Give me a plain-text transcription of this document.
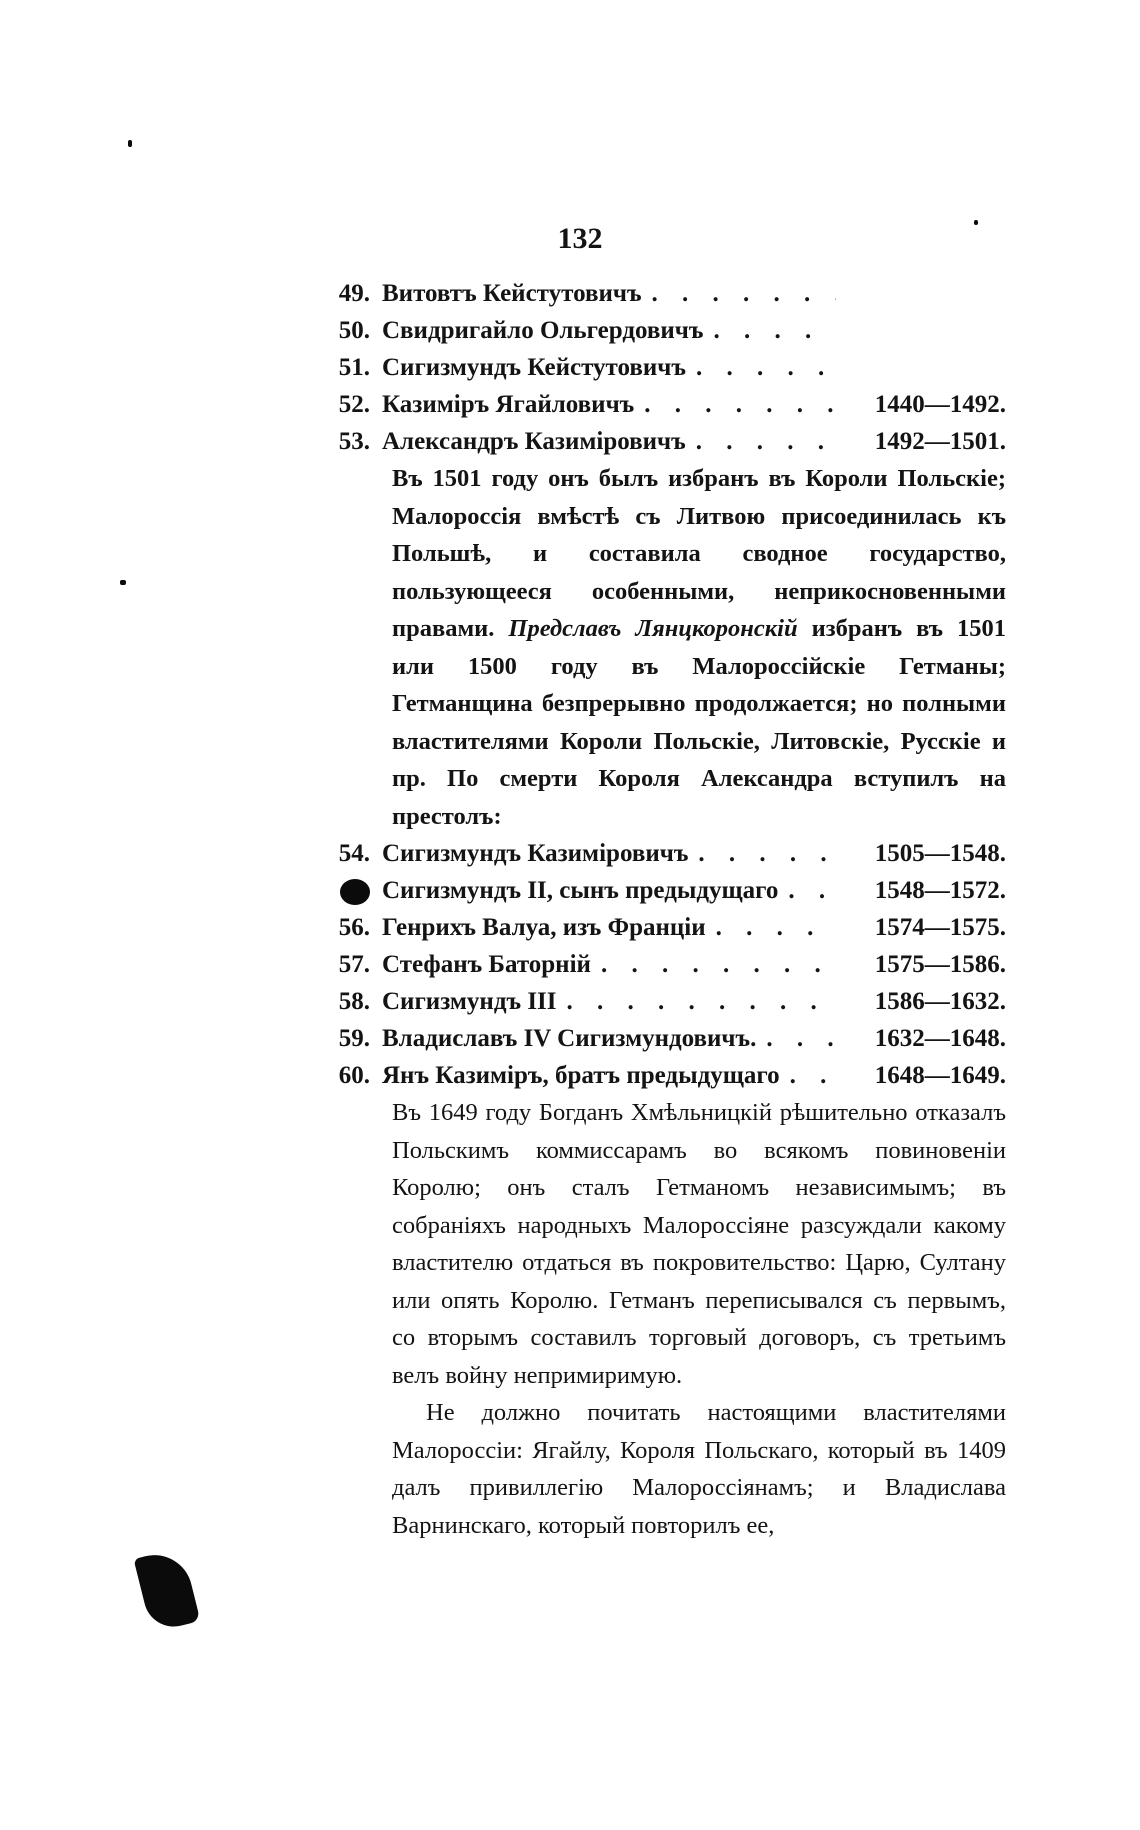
132
49. Витовтъ Кейстутовичъ
. . .
50. Свидригайло Ольгердовичъ
. . .
51. Сигизмундъ Кейстутовичъ
. . .
52. Казиміръ Ягайловичъ . . .	1440—1492.
53. Александръ Казиміровичъ . . .	1492—1501.

Въ 1501 году онъ былъ избранъ въ Короли Польскіе; Малороссія вмѣстѣ съ Литвою присоединилась къ Польшѣ, и составила сводное государство, пользующееся особенными, неприкосновенными правами. Предславъ Лянцкоронскій избранъ въ 1501 или 1500 году въ Малороссійскіе Гетманы; Гетманщина безпрерывно продолжается; но полными властителями Короли Польскіе, Литовскіе, Русскіе и пр. По смерти Короля Александра вступилъ на престолъ:

54. Сигизмундъ Казиміровичъ . . .	1505—1548.
Сигизмундъ II, сынъ предыдущаго . . .	1548—1572.
56. Генрихъ Валуа, изъ Франціи . . .	1574—1575.
57. Стефанъ Баторній . . .	1575—1586.
58. Сигизмундъ III . . .	1586—1632.
59. Владиславъ IV Сигизмундовичъ. . . .	1632—1648.
60. Янъ Казиміръ, братъ предыдущаго . . .	1648—1649.

Въ 1649 году Богданъ Хмѣльницкій рѣшительно отказалъ Польскимъ коммиссарамъ во всякомъ повиновеніи Королю; онъ сталъ Гетманомъ независимымъ; въ собраніяхъ народныхъ Малороссіяне разсуждали какому властителю отдаться въ покровительство: Царю, Султану или опять Королю. Гетманъ переписывался съ первымъ, со вторымъ составилъ торговый договоръ, съ третьимъ велъ войну непримиримую.

Не должно почитать настоящими властителями Малороссіи: Ягайлу, Короля Польскаго, который въ 1409 далъ привиллегію Малороссіянамъ; и Владислава Варнинскаго, который повторилъ ее,
